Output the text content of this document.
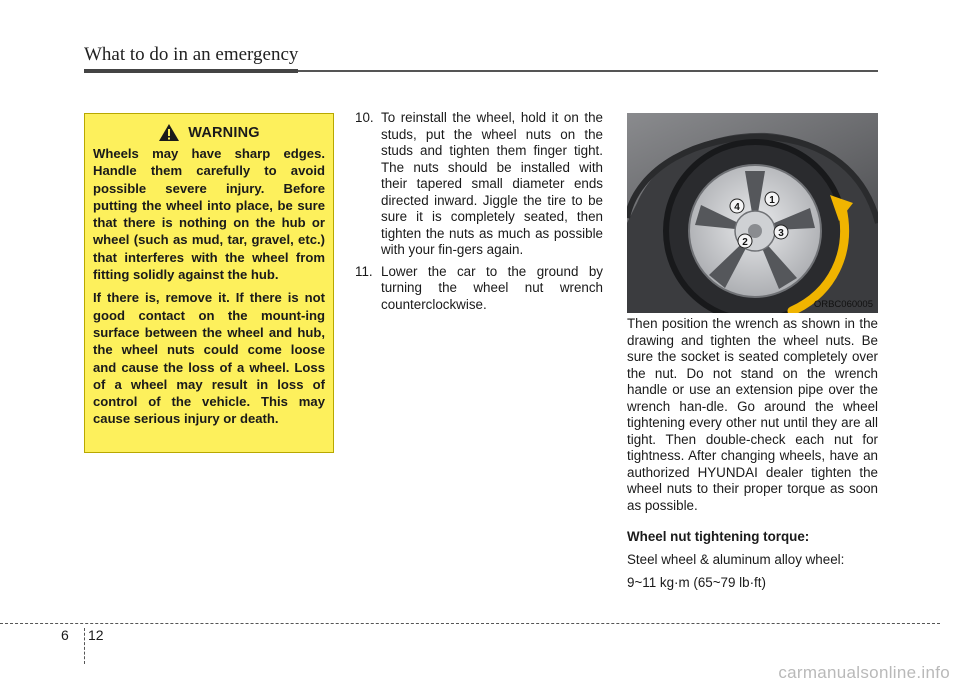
What to do in an emergency
WARNING

Wheels may have sharp edges. Handle them carefully to avoid possible severe injury. Before putting the wheel into place, be sure that there is nothing on the hub or wheel (such as mud, tar, gravel, etc.) that interferes with the wheel from fitting solidly against the hub.

If there is, remove it. If there is not good contact on the mount-ing surface between the wheel and hub, the wheel nuts could come loose and cause the loss of a wheel. Loss of a wheel may result in loss of control of the vehicle. This may cause serious injury or death.

10. To reinstall the wheel, hold it on the studs, put the wheel nuts on the studs and tighten them finger tight. The nuts should be installed with their tapered small diameter ends directed inward. Jiggle the tire to be sure it is completely seated, then tighten the nuts as much as possible with your fin-gers again.
11. Lower the car to the ground by turning the wheel nut wrench counterclockwise.
1
2
3
4
ORBC060005

Then position the wrench as shown in the drawing and tighten the wheel nuts. Be sure the socket is seated completely over the nut. Do not stand on the wrench handle or use an extension pipe over the wrench han-dle. Go around the wheel tightening every other nut until they are all tight. Then double-check each nut for tightness. After changing wheels, have an authorized HYUNDAI dealer tighten the wheel nuts to their proper torque as soon as possible.

Wheel nut tightening torque:

Steel wheel & aluminum alloy wheel:

9~11 kg·m (65~79 lb·ft)

6 12
carmanualsonline.info
